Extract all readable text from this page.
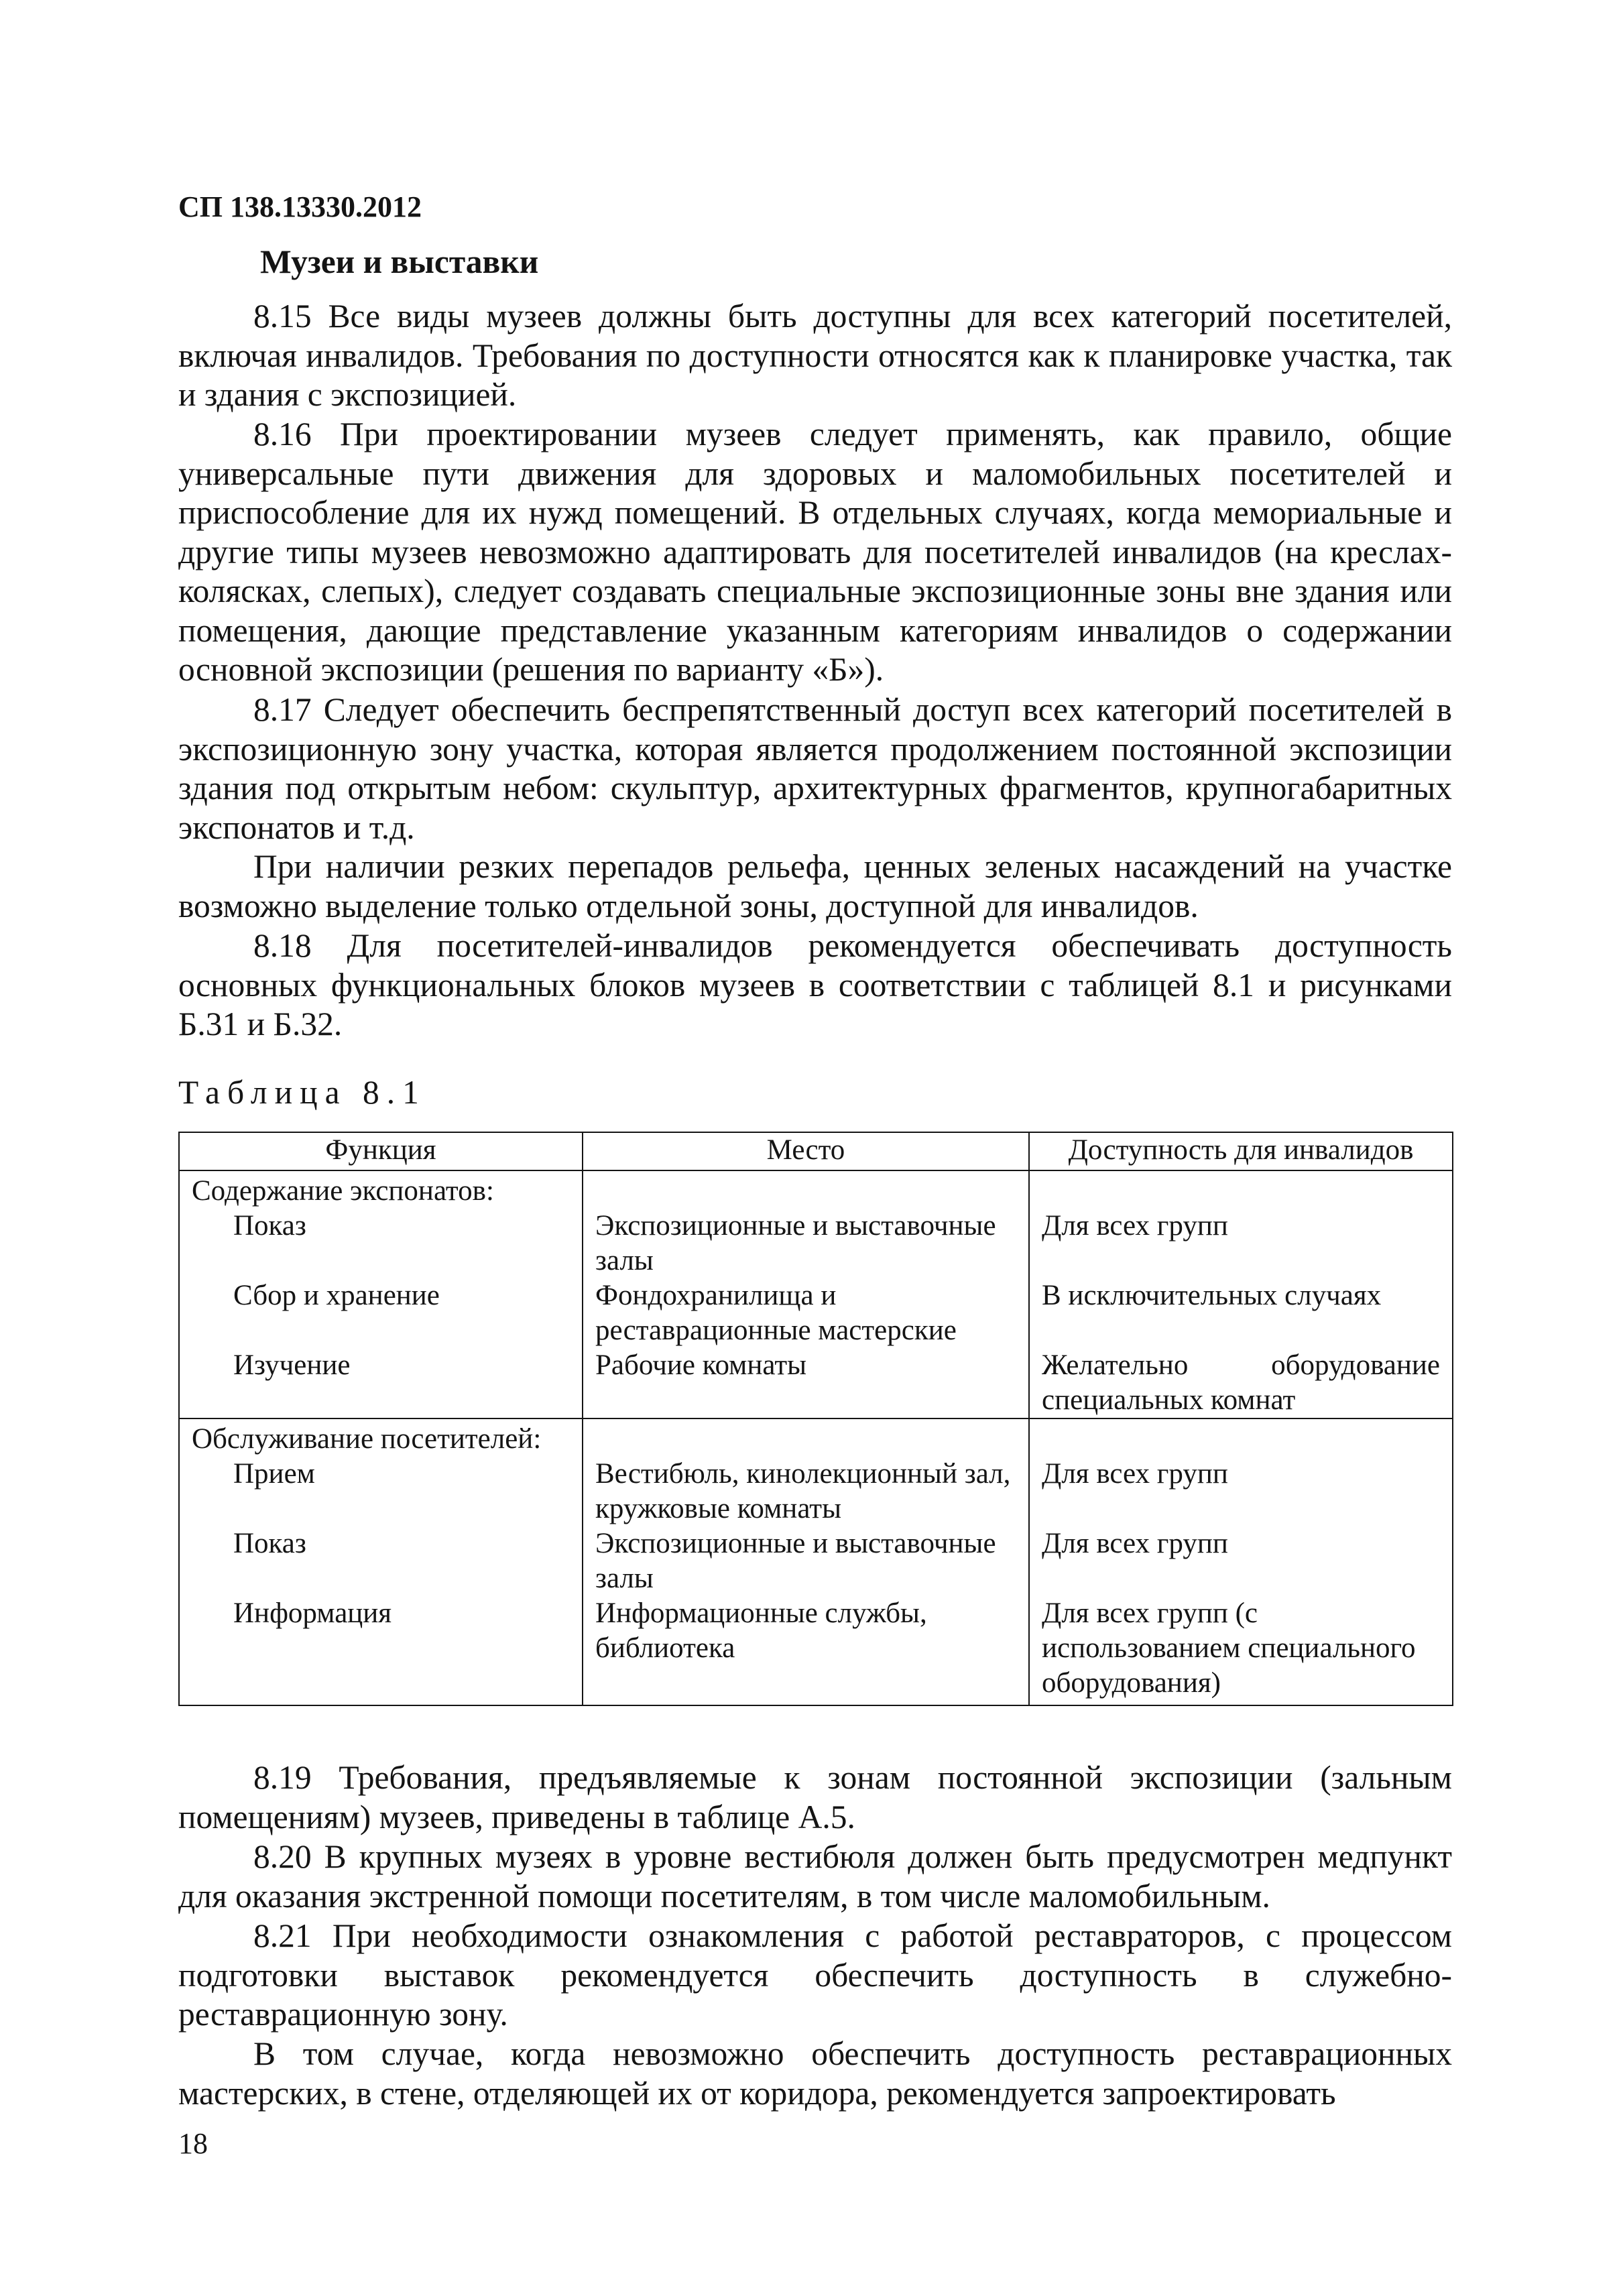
СП 138.13330.2012
Музеи и выставки
8.15 Все виды музеев должны быть доступны для всех категорий посетителей, включая инвалидов. Требования по доступности относятся как к планировке участка, так и здания с экспозицией.
8.16 При проектировании музеев следует применять, как правило, общие универсальные пути движения для здоровых и маломобильных посетителей и приспособление для их нужд помещений. В отдельных случаях, когда мемориальные и другие типы музеев невозможно адаптировать для посетителей инвалидов (на креслах-колясках, слепых), следует создавать специальные экспозиционные зоны вне здания или помещения, дающие представление указанным категориям инвалидов о содержании основной экспозиции (решения по варианту «Б»).
8.17 Следует обеспечить беспрепятственный доступ всех категорий посетителей в экспозиционную зону участка, которая является продолжением постоянной экспозиции здания под открытым небом: скульптур, архитектурных фрагментов, крупногабаритных экспонатов и т.д.
При наличии резких перепадов рельефа, ценных зеленых насаждений на участке возможно выделение только отдельной зоны, доступной для инвалидов.
8.18 Для посетителей-инвалидов рекомендуется обеспечивать доступность основных функциональных блоков музеев в соответствии с таблицей 8.1 и рисунками Б.31 и Б.32.
Таблица 8.1
Функция	Место	Доступность для инвалидов
Содержание экспонатов:		
Показ	Экспозиционные и выставочные залы	Для всех групп
Сбор и хранение	Фондохранилища и реставрационные мастерские	В исключительных случаях
Изучение	Рабочие комнаты	Желательно оборудование
специальных комнат
Обслуживание посетителей:		
Прием	Вестибюль, кинолекционный зал, кружковые комнаты	Для всех групп
Показ	Экспозиционные и выставочные залы	Для всех групп
Информация	Информационные службы, библиотека	Для всех групп (с использованием специального оборудования)
8.19 Требования, предъявляемые к зонам постоянной экспозиции (зальным помещениям) музеев, приведены в таблице А.5.
8.20 В крупных музеях в уровне вестибюля должен быть предусмотрен медпункт для оказания экстренной помощи посетителям, в том числе маломобильным.
8.21 При необходимости ознакомления с работой реставраторов, с процессом подготовки выставок рекомендуется обеспечить доступность в служебно-реставрационную зону.
В том случае, когда невозможно обеспечить доступность реставрационных мастерских, в стене, отделяющей их от коридора, рекомендуется запроектировать
18
